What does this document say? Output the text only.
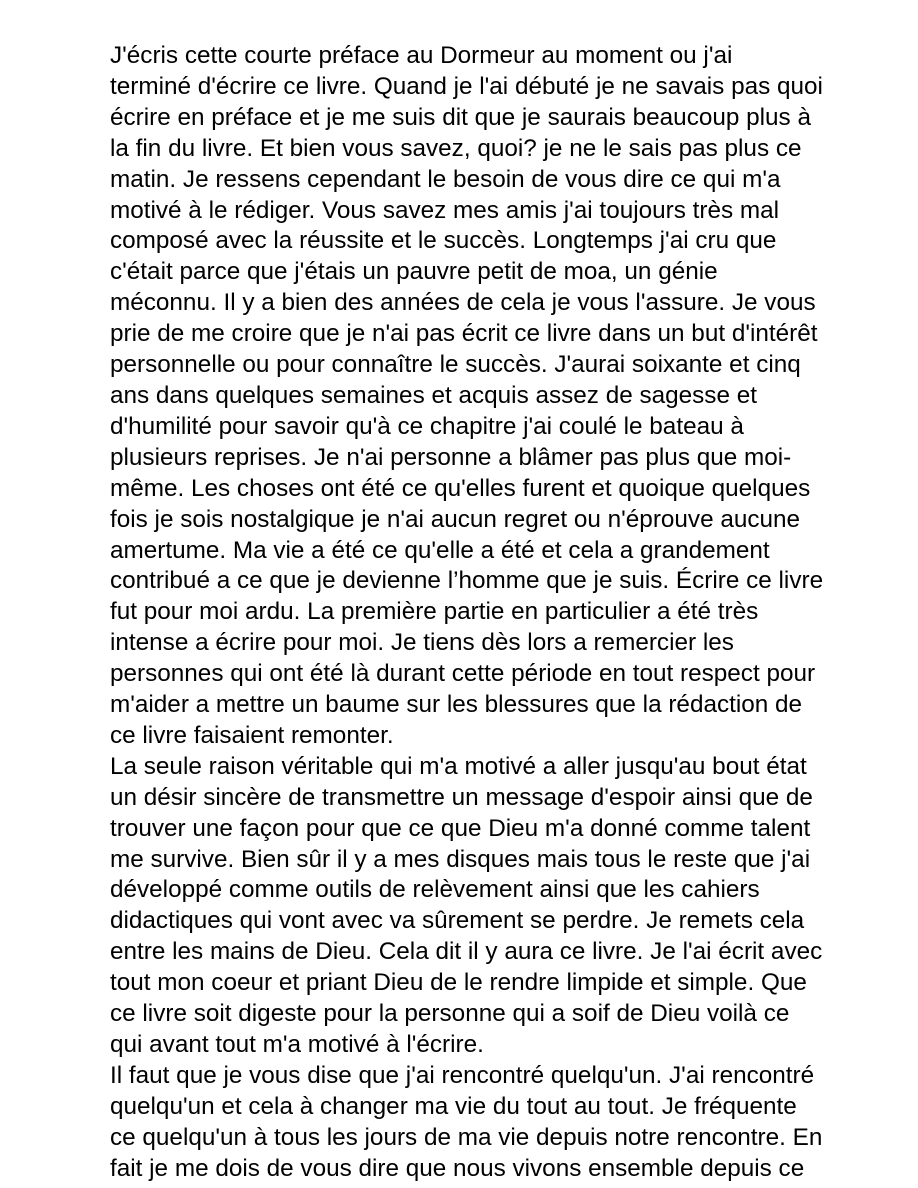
J'écris cette courte préface au Dormeur au moment ou j'ai
terminé d'écrire ce livre. Quand je l'ai débuté je ne savais pas quoi
écrire en préface et je me suis dit que je saurais beaucoup plus à
la fin du livre. Et bien vous savez, quoi? je ne le sais pas plus ce
matin. Je ressens cependant le besoin de vous dire ce qui m'a
motivé à le rédiger. Vous savez mes amis j'ai toujours très mal
composé avec la réussite et le succès. Longtemps j'ai cru que
c'était parce que j'étais un pauvre petit de moa, un génie
méconnu. Il y a bien des années de cela je vous l'assure. Je vous
prie de me croire que je n'ai pas écrit ce livre dans un but d'intérêt
personnelle ou pour connaître le succès. J'aurai soixante et cinq
ans dans quelques semaines et acquis assez de sagesse et
d'humilité pour savoir qu'à ce chapitre j'ai coulé le bateau à
plusieurs reprises. Je n'ai personne a blâmer pas plus que moi-
même. Les choses ont été ce qu'elles furent et quoique quelques
fois je sois nostalgique je n'ai aucun regret ou n'éprouve aucune
amertume. Ma vie a été ce qu'elle a été et cela a grandement
contribué a ce que je devienne l’homme que je suis. Écrire ce livre
fut pour moi ardu. La première partie en particulier a été très
intense a écrire pour moi. Je tiens dès lors a remercier les
personnes qui ont été là durant cette période en tout respect pour
m'aider a mettre un baume sur les blessures que la rédaction de
ce livre faisaient remonter.

La seule raison véritable qui m'a motivé a aller jusqu'au bout état
un désir sincère de transmettre un message d'espoir ainsi que de
trouver une façon pour que ce que Dieu m'a donné comme talent
me survive. Bien sûr il y a mes disques mais tous le reste que j'ai
développé comme outils de relèvement ainsi que les cahiers
didactiques qui vont avec va sûrement se perdre. Je remets cela
entre les mains de Dieu. Cela dit il y aura ce livre. Je l'ai écrit avec
tout mon coeur et priant Dieu de le rendre limpide et simple. Que
ce livre soit digeste pour la personne qui a soif de Dieu voilà ce
qui avant tout m'a motivé à l'écrire.

Il faut que je vous dise que j'ai rencontré quelqu'un. J'ai rencontré
quelqu'un et cela à changer ma vie du tout au tout. Je fréquente
ce quelqu'un à tous les jours de ma vie depuis notre rencontre. En
fait je me dois de vous dire que nous vivons ensemble depuis ce
